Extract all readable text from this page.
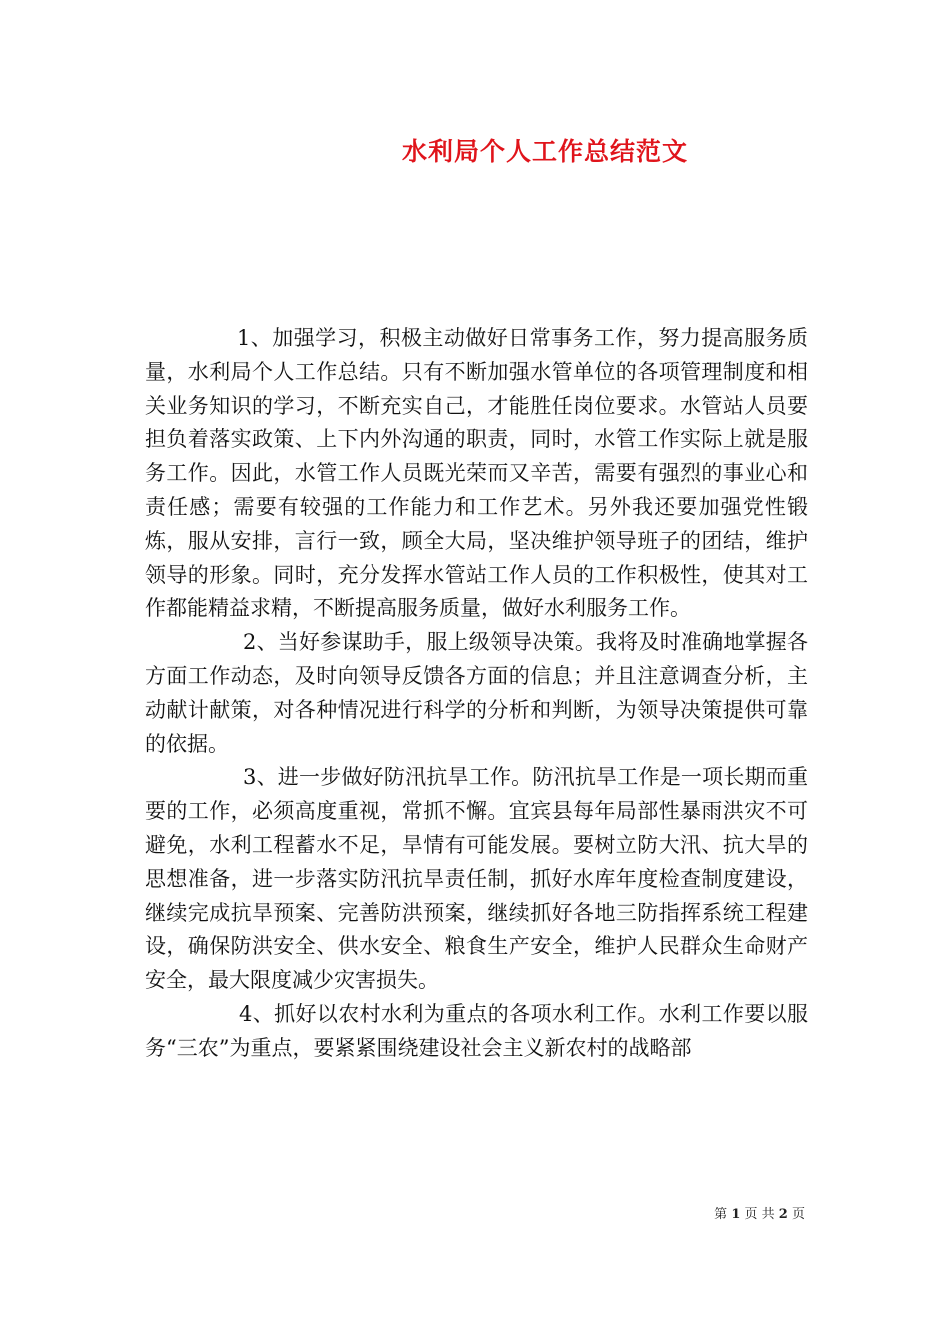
水利局个人工作总结范文

1、加强学习，积极主动做好日常事务工作，努力提高服务质量，水利局个人工作总结。只有不断加强水管单位的各项管理制度和相关业务知识的学习，不断充实自己，才能胜任岗位要求。水管站人员要担负着落实政策、上下内外沟通的职责，同时，水管工作实际上就是服务工作。因此，水管工作人员既光荣而又辛苦，需要有强烈的事业心和责任感；需要有较强的工作能力和工作艺术。另外我还要加强党性锻炼，服从安排，言行一致，顾全大局，坚决维护领导班子的团结，维护领导的形象。同时，充分发挥水管站工作人员的工作积极性，使其对工作都能精益求精，不断提高服务质量，做好水利服务工作。

2、当好参谋助手，服上级领导决策。我将及时准确地掌握各方面工作动态，及时向领导反馈各方面的信息；并且注意调查分析，主动献计献策，对各种情况进行科学的分析和判断，为领导决策提供可靠的依据。

3、进一步做好防汛抗旱工作。防汛抗旱工作是一项长期而重要的工作，必须高度重视，常抓不懈。宜宾县每年局部性暴雨洪灾不可避免，水利工程蓄水不足，旱情有可能发展。要树立防大汛、抗大旱的思想准备，进一步落实防汛抗旱责任制，抓好水库年度检查制度建设，继续完成抗旱预案、完善防洪预案，继续抓好各地三防指挥系统工程建设，确保防洪安全、供水安全、粮食生产安全，维护人民群众生命财产安全，最大限度减少灾害损失。

4、抓好以农村水利为重点的各项水利工作。水利工作要以服务“三农”为重点，要紧紧围绕建设社会主义新农村的战略部

第 1 页 共 2 页
